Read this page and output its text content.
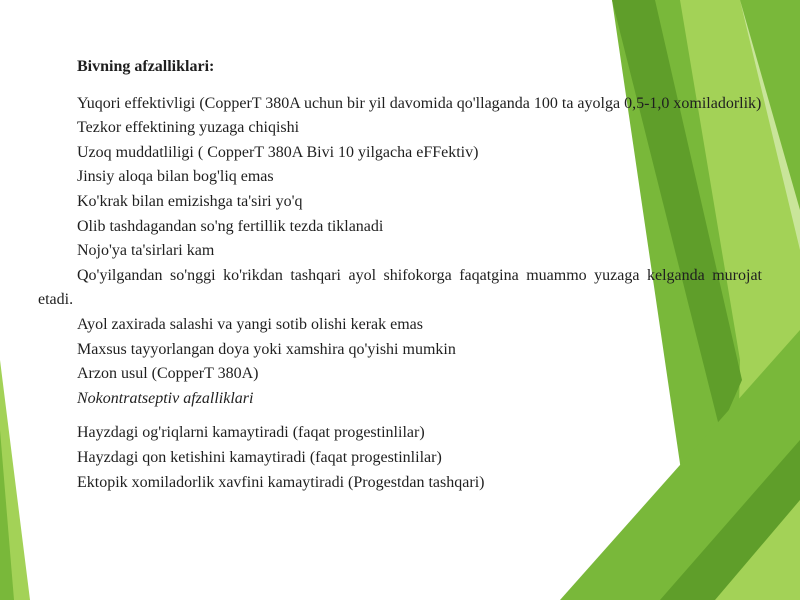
Bivning afzalliklari:

Yuqori effektivligi (CopperT 380A uchun bir yil davomida qo'llaganda 100 ta ayolga 0,5-1,0 xomiladorlik)

Tezkor effektining yuzaga chiqishi

Uzoq muddatliligi ( CopperT 380A Bivi 10 yilgacha eFFektiv)

Jinsiy aloqa bilan bog'liq emas

Ko'krak bilan emizishga ta'siri yo'q

Olib tashdagandan so'ng fertillik tezda tiklanadi

Nojo'ya ta'sirlari kam

Qo'yilgandan so'nggi ko'rikdan tashqari ayol shifokorga faqatgina muammo yuzaga kelganda murojat etadi.

Ayol zaxirada salashi va yangi sotib olishi kerak emas

Maxsus tayyorlangan doya yoki xamshira qo'yishi mumkin

Arzon usul (CopperT 380A)

Nokontratseptiv afzalliklari

Hayzdagi og'riqlarni kamaytiradi (faqat progestinlilar)

Hayzdagi qon ketishini kamaytiradi (faqat progestinlilar)

Ektopik xomiladorlik xavfini kamaytiradi (Progestdan tashqari)
